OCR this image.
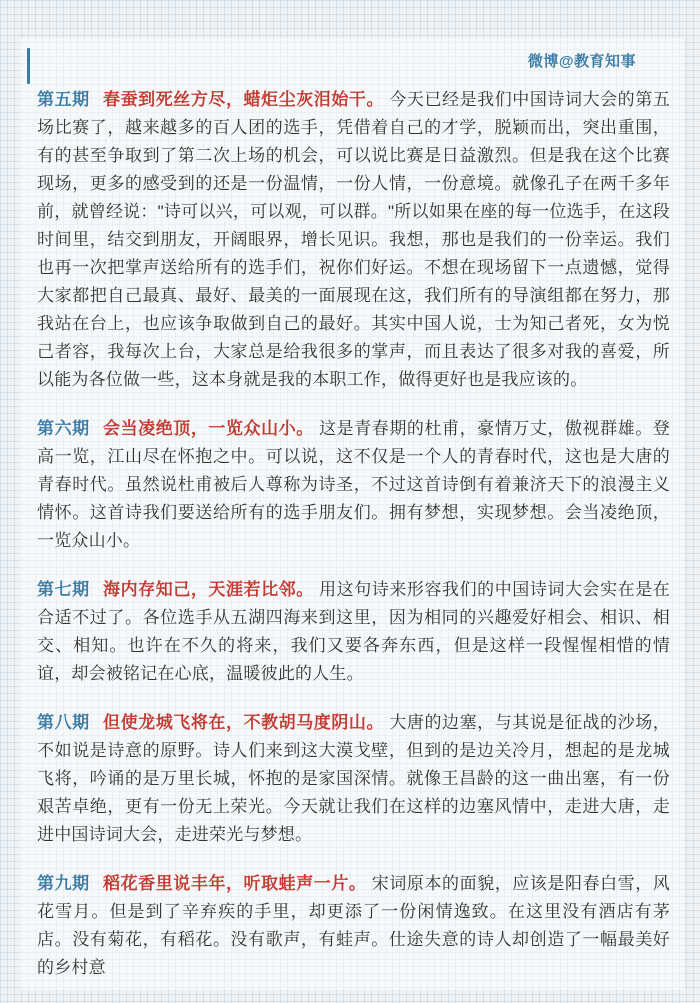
微博@教育知事

第五期 春蚕到死丝方尽，蜡炬尘灰泪始干。 今天已经是我们中国诗词大会的第五场比赛了，越来越多的百人团的选手，凭借着自己的才学，脱颖而出，突出重围，有的甚至争取到了第二次上场的机会，可以说比赛是日益激烈。但是我在这个比赛现场，更多的感受到的还是一份温情，一份人情，一份意境。就像孔子在两千多年前，就曾经说："诗可以兴，可以观，可以群。"所以如果在座的每一位选手，在这段时间里，结交到朋友，开阔眼界，增长见识。我想，那也是我们的一份幸运。我们也再一次把掌声送给所有的选手们，祝你们好运。不想在现场留下一点遗憾，觉得大家都把自己最真、最好、最美的一面展现在这，我们所有的导演组都在努力，那我站在台上，也应该争取做到自己的最好。其实中国人说，士为知己者死，女为悦己者容，我每次上台，大家总是给我很多的掌声，而且表达了很多对我的喜爱，所以能为各位做一些，这本身就是我的本职工作，做得更好也是我应该的。

第六期 会当凌绝顶，一览众山小。 这是青春期的杜甫，豪情万丈，傲视群雄。登高一览，江山尽在怀抱之中。可以说，这不仅是一个人的青春时代，这也是大唐的青春时代。虽然说杜甫被后人尊称为诗圣，不过这首诗倒有着兼济天下的浪漫主义情怀。这首诗我们要送给所有的选手朋友们。拥有梦想，实现梦想。会当凌绝顶，一览众山小。

第七期 海内存知己，天涯若比邻。 用这句诗来形容我们的中国诗词大会实在是在合适不过了。各位选手从五湖四海来到这里，因为相同的兴趣爱好相会、相识、相交、相知。也许在不久的将来，我们又要各奔东西，但是这样一段惺惺相惜的情谊，却会被铭记在心底，温暖彼此的人生。

第八期 但使龙城飞将在，不教胡马度阴山。 大唐的边塞，与其说是征战的沙场，不如说是诗意的原野。诗人们来到这大漠戈壁，但到的是边关冷月，想起的是龙城飞将，吟诵的是万里长城，怀抱的是家国深情。就像王昌龄的这一曲出塞，有一份艰苦卓绝，更有一份无上荣光。今天就让我们在这样的边塞风情中，走进大唐，走进中国诗词大会，走进荣光与梦想。

第九期 稻花香里说丰年，听取蛙声一片。 宋词原本的面貌，应该是阳春白雪，风花雪月。但是到了辛弃疾的手里，却更添了一份闲情逸致。在这里没有酒店有茅店。没有菊花，有稻花。没有歌声，有蛙声。仕途失意的诗人却创造了一幅最美好的乡村意
